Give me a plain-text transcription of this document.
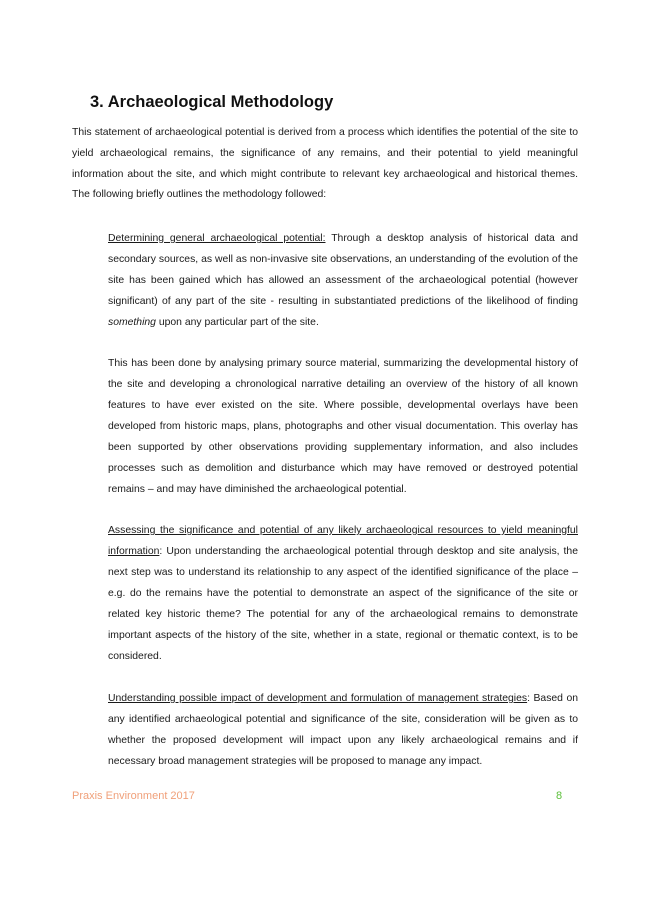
3. Archaeological Methodology
This statement of archaeological potential is derived from a process which identifies the potential of the site to yield archaeological remains, the significance of any remains, and their potential to yield meaningful information about the site, and which might contribute to relevant key archaeological and historical themes. The following briefly outlines the methodology followed:
Determining general archaeological potential: Through a desktop analysis of historical data and secondary sources, as well as non-invasive site observations, an understanding of the evolution of the site has been gained which has allowed an assessment of the archaeological potential (however significant) of any part of the site - resulting in substantiated predictions of the likelihood of finding something upon any particular part of the site.
This has been done by analysing primary source material, summarizing the developmental history of the site and developing a chronological narrative detailing an overview of the history of all known features to have ever existed on the site. Where possible, developmental overlays have been developed from historic maps, plans, photographs and other visual documentation. This overlay has been supported by other observations providing supplementary information, and also includes processes such as demolition and disturbance which may have removed or destroyed potential remains – and may have diminished the archaeological potential.
Assessing the significance and potential of any likely archaeological resources to yield meaningful information: Upon understanding the archaeological potential through desktop and site analysis, the next step was to understand its relationship to any aspect of the identified significance of the place – e.g. do the remains have the potential to demonstrate an aspect of the significance of the site or related key historic theme? The potential for any of the archaeological remains to demonstrate important aspects of the history of the site, whether in a state, regional or thematic context, is to be considered.
Understanding possible impact of development and formulation of management strategies: Based on any identified archaeological potential and significance of the site, consideration will be given as to whether the proposed development will impact upon any likely archaeological remains and if necessary broad management strategies will be proposed to manage any impact.
Praxis Environment 2017	8
